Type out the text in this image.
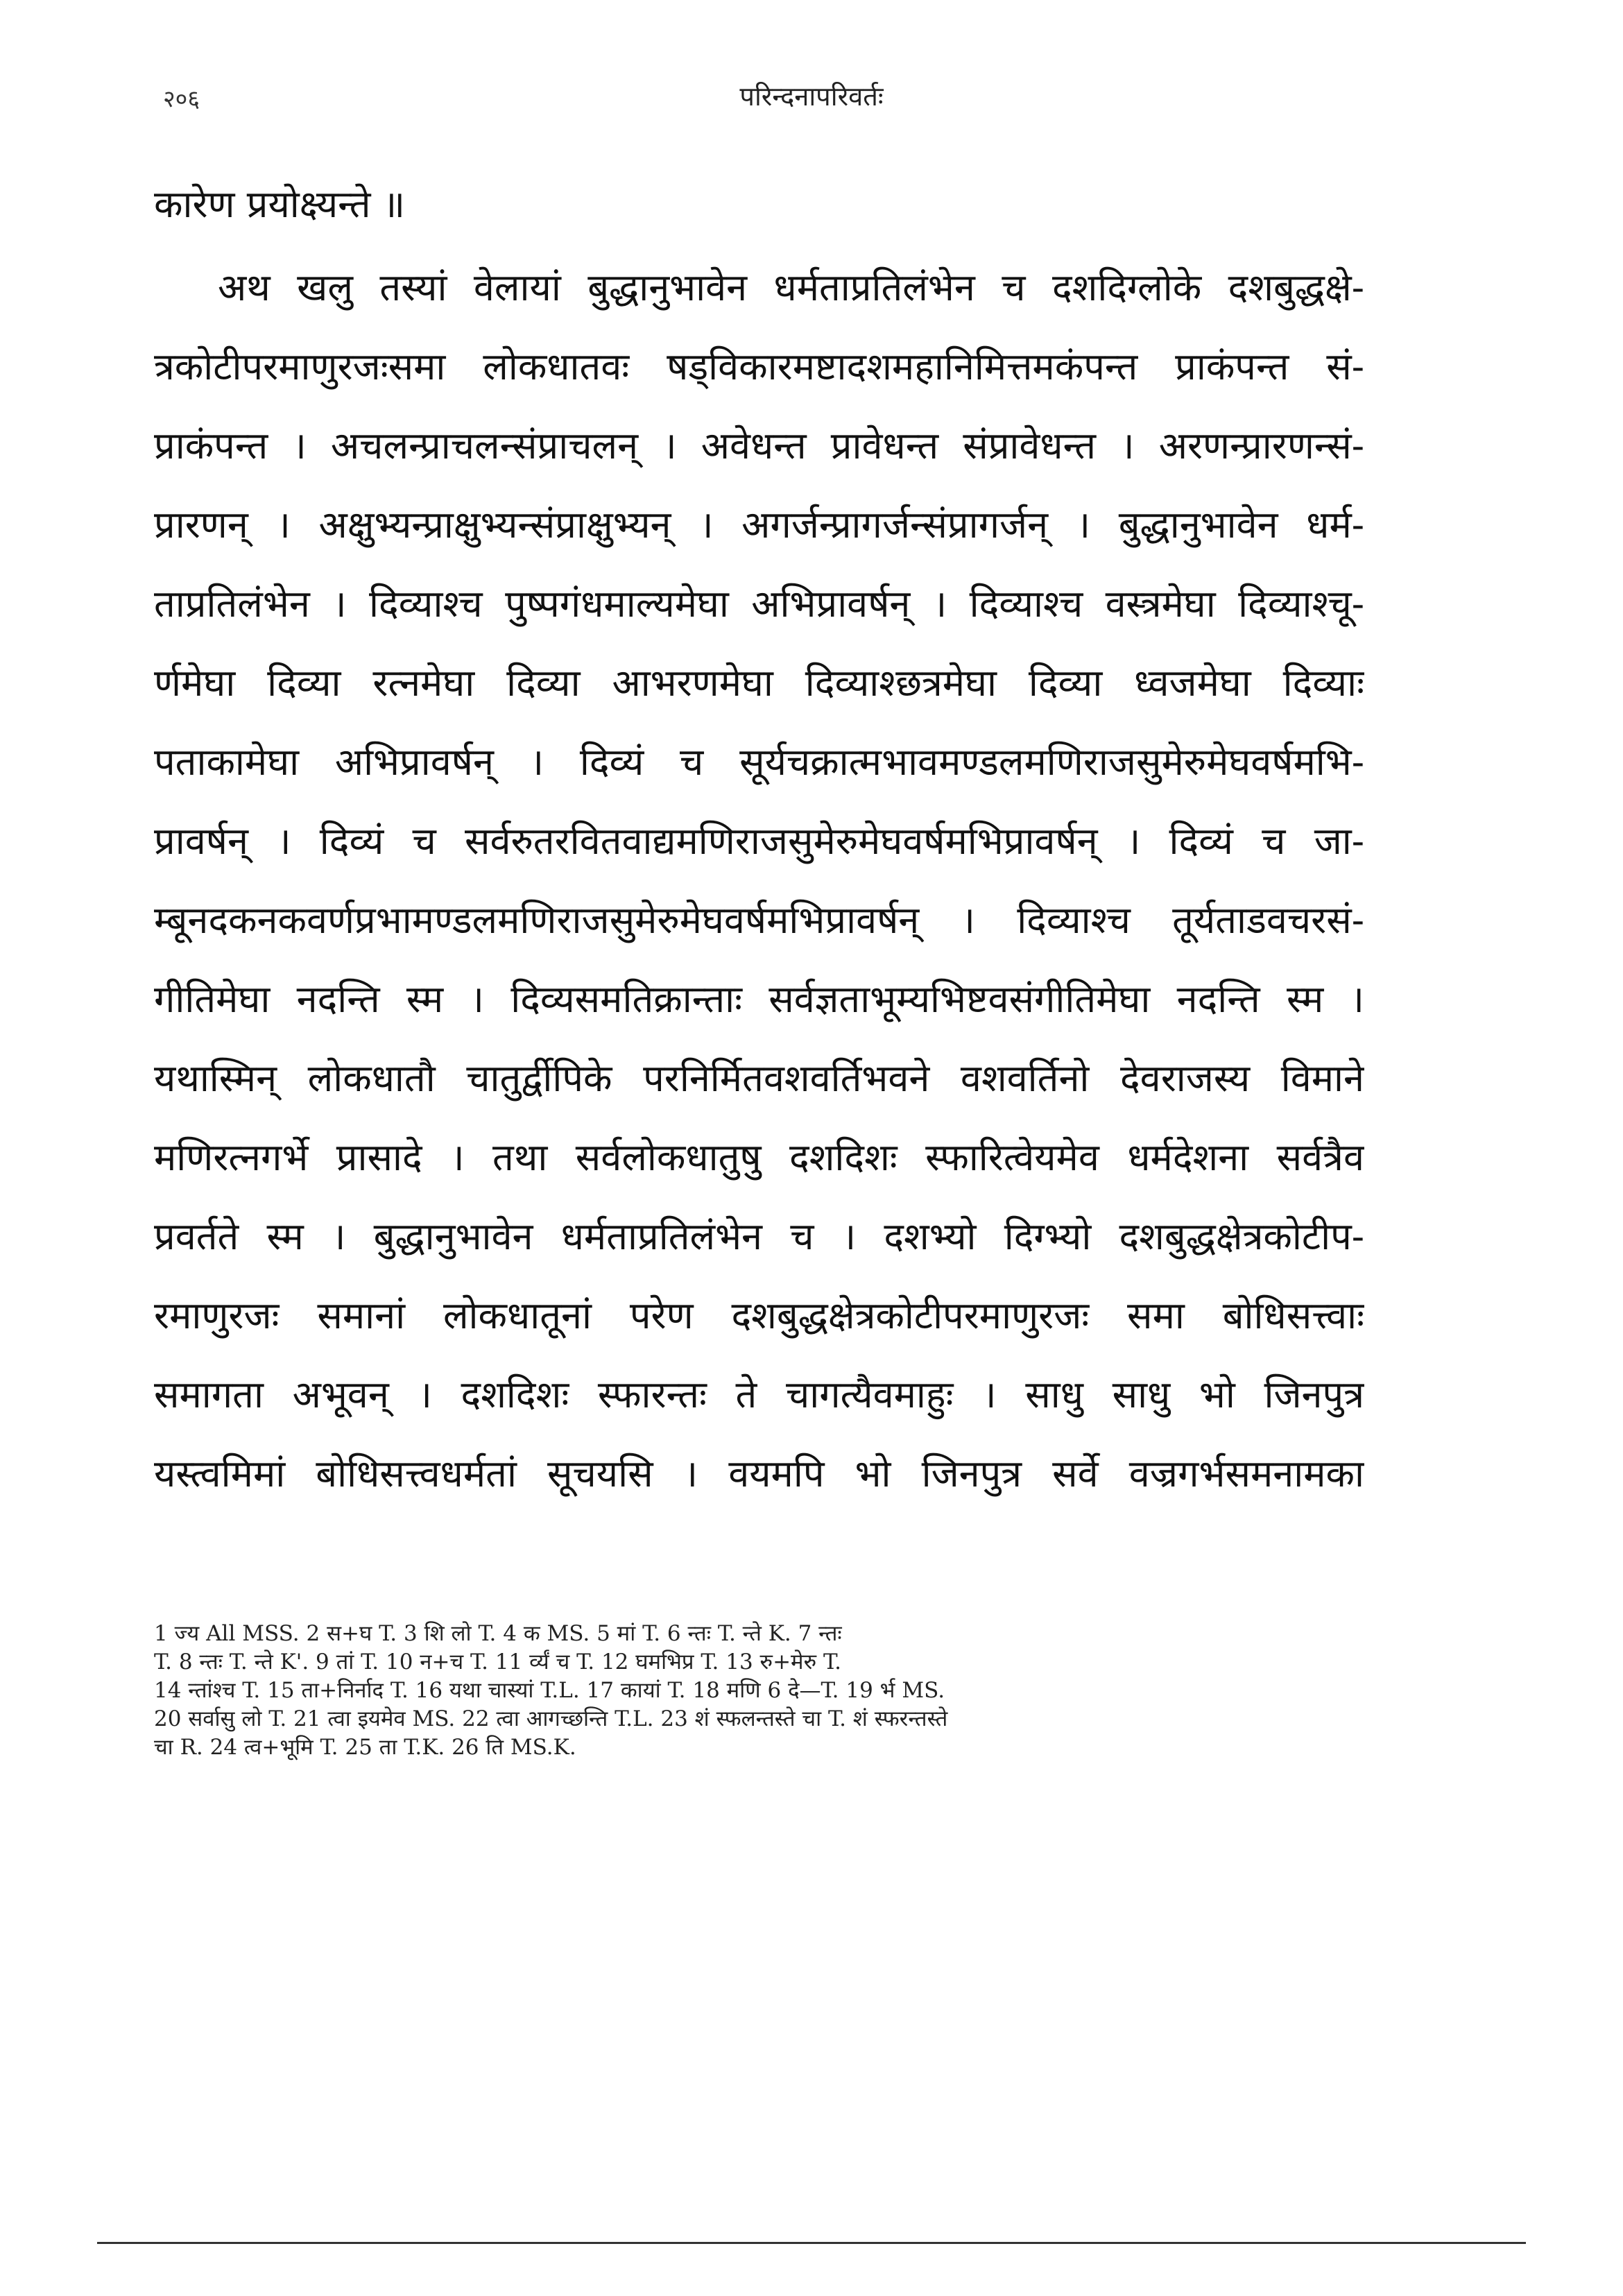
२०६	परिन्दनापरिवर्तः
कारेण प्रयोक्ष्यन्ते ॥
अथ खलु तस्यां वेलायां बुद्धानुभावेन धर्मताप्रतिलंभेन च दशदिग्लोके दशबुद्धक्षे-
त्रकोटीपरमाणुरजःसमा लोकधातवः षड्विकारमष्टादशमहानिमित्तमकंपन्त प्राकंपन्त सं-
प्राकंपन्त । अचलन्प्राचलन्संप्राचलन् । अवेधन्त प्रावेधन्त संप्रावेधन्त । अरणन्प्रारणन्सं-
प्रारणन् । अक्षुभ्यन्प्राक्षुभ्यन्संप्राक्षुभ्यन् । अगर्जन्प्रागर्जन्संप्रागर्जन् । बुद्धानुभावेन धर्म-
ताप्रतिलंभेन । दिव्याश्च पुष्पगंधमाल्यमेघा अभिप्रावर्षन् । दिव्याश्च वस्त्रमेघा दिव्याश्चू-
र्णमेघा दिव्या रत्नमेघा दिव्या आभरणमेघा दिव्याश्छत्रमेघा दिव्या ध्वजमेघा दिव्याः
पताकामेघा अभिप्रावर्षन् । दिव्यं च सूर्यचक्रात्मभावमण्डलमणिराजसुमेरुमेघवर्षमभि-
प्रावर्षन् । दिव्यं च सर्वरुतरवितवाद्यमणिराजसुमेरुमेघवर्षमभिप्रावर्षन् । दिव्यं च जा-
म्बूनदकनकवर्णप्रभामण्डलमणिराजसुमेरुमेघवर्षमभिप्रावर्षन् । दिव्याश्च तूर्यताडवचरसं-
गीतिमेघा नदन्ति स्म । दिव्यसमतिक्रान्ताः सर्वज्ञताभूम्यभिष्टवसंगीतिमेघा नदन्ति स्म ।
यथास्मिन् लोकधातौ चातुर्द्वीपिके परनिर्मितवशवर्तिभवने वशवर्तिनो देवराजस्य विमाने
मणिरत्नगर्भे प्रासादे । तथा सर्वलोकधातुषु दशदिशः स्फारित्वेयमेव धर्मदेशना सर्वत्रैव
प्रवर्तते स्म । बुद्धानुभावेन धर्मताप्रतिलंभेन च । दशभ्यो दिग्भ्यो दशबुद्धक्षेत्रकोटीप-
रमाणुरजः समानां लोकधातूनां परेण दशबुद्धक्षेत्रकोटीपरमाणुरजः समा बोधिसत्त्वाः
समागता अभूवन् । दशदिशः स्फारन्तः ते चागत्यैवमाहुः । साधु साधु भो जिनपुत्र
यस्त्वमिमां बोधिसत्त्वधर्मतां सूचयसि । वयमपि भो जिनपुत्र सर्वे वज्रगर्भसमनामका
1 ज्य All MSS. 2 स+घ T. 3 शि लो T. 4 क MS. 5 मां T. 6 न्तः T. न्ते K. 7 न्तः
T. 8 न्तः T. न्ते K'. 9 तां T. 10 न+च T. 11 र्व्यं च T. 12 घमभिप्र T. 13 रु+मेरु T.
14 न्तांश्च T. 15 ता+निर्नाद T. 16 यथा चास्यां T.L. 17 कायां T. 18 मणि 6 दे—T. 19 र्भ MS.
20 सर्वासु लो T. 21 त्वा इयमेव MS. 22 त्वा आगच्छन्ति T.L. 23 शं स्फलन्तस्ते चा T. शं स्फरन्तस्ते
चा R. 24 त्व+भूमि T. 25 ता T.K. 26 ति MS.K.
